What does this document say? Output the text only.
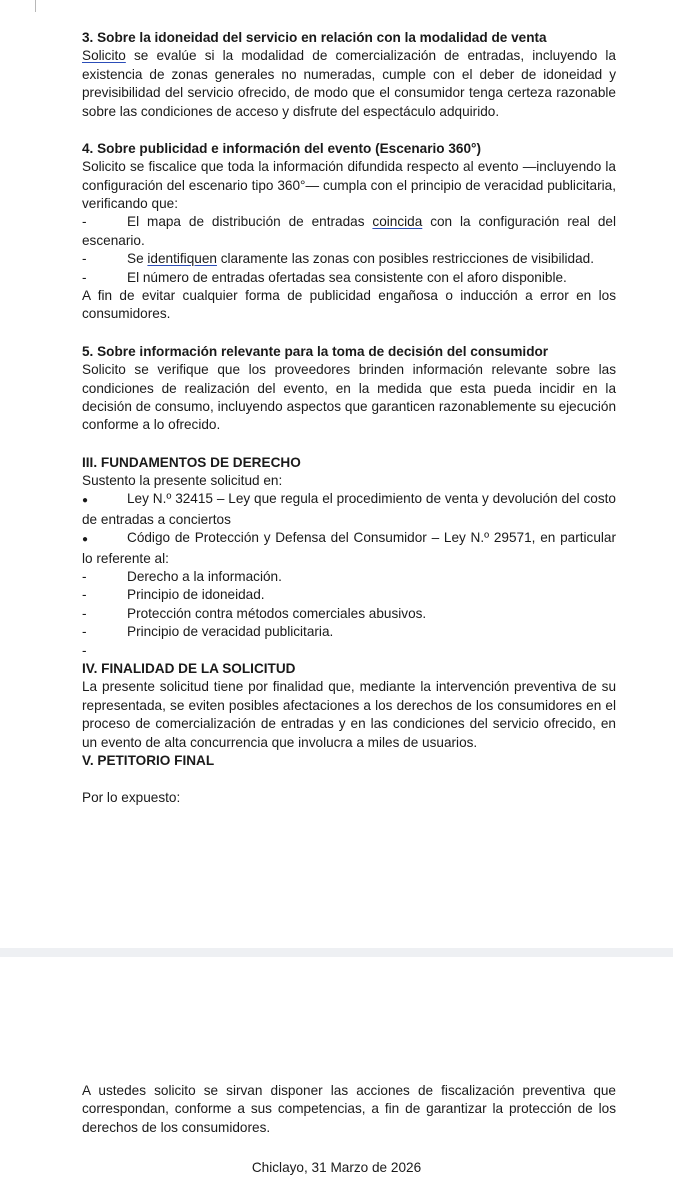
3. Sobre la idoneidad del servicio en relación con la modalidad de venta

Solicito se evalúe si la modalidad de comercialización de entradas, incluyendo la existencia de zonas generales no numeradas, cumple con el deber de idoneidad y previsibilidad del servicio ofrecido, de modo que el consumidor tenga certeza razonable sobre las condiciones de acceso y disfrute del espectáculo adquirido.

4. Sobre publicidad e información del evento (Escenario 360°)

Solicito se fiscalice que toda la información difundida respecto al evento —incluyendo la configuración del escenario tipo 360°— cumpla con el principio de veracidad publicitaria, verificando que:

-	El mapa de distribución de entradas coincida con la configuración real del escenario.

-	Se identifiquen claramente las zonas con posibles restricciones de visibilidad.

-	El número de entradas ofertadas sea consistente con el aforo disponible.

A fin de evitar cualquier forma de publicidad engañosa o inducción a error en los consumidores.

5. Sobre información relevante para la toma de decisión del consumidor

Solicito se verifique que los proveedores brinden información relevante sobre las condiciones de realización del evento, en la medida que esta pueda incidir en la decisión de consumo, incluyendo aspectos que garanticen razonablemente su ejecución conforme a lo ofrecido.

III. FUNDAMENTOS DE DERECHO

Sustento la presente solicitud en:

●	Ley N.º 32415 – Ley que regula el procedimiento de venta y devolución del costo de entradas a conciertos

●	Código de Protección y Defensa del Consumidor – Ley N.º 29571, en particular lo referente al:

-	Derecho a la información.
-	Principio de idoneidad.
-	Protección contra métodos comerciales abusivos.
-	Principio de veracidad publicitaria.
-
IV. FINALIDAD DE LA SOLICITUD

La presente solicitud tiene por finalidad que, mediante la intervención preventiva de su representada, se eviten posibles afectaciones a los derechos de los consumidores en el proceso de comercialización de entradas y en las condiciones del servicio ofrecido, en un evento de alta concurrencia que involucra a miles de usuarios.

V. PETITORIO FINAL

Por lo expuesto:

A ustedes solicito se sirvan disponer las acciones de fiscalización preventiva que correspondan, conforme a sus competencias, a fin de garantizar la protección de los derechos de los consumidores.

Chiclayo, 31 Marzo de 2026
